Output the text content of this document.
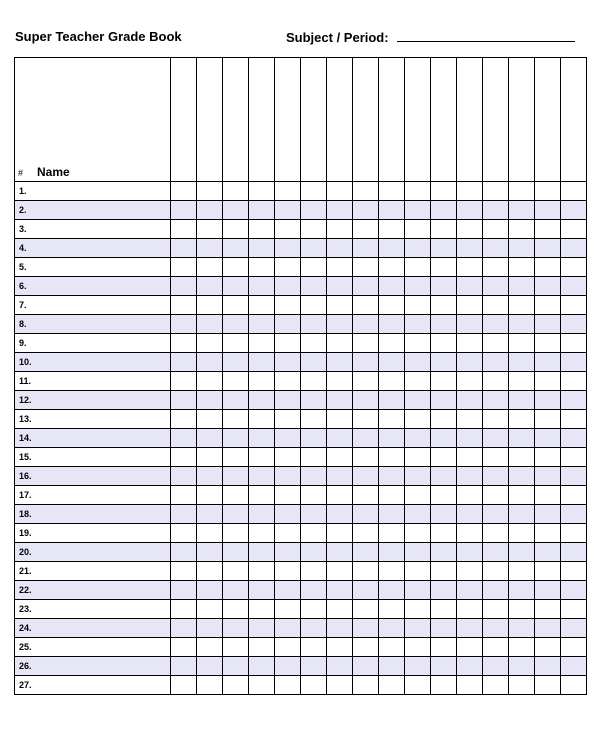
Super Teacher Grade Book	Subject / Period:
# Name																

1.																
2.																
3.																
4.																
5.																
6.																
7.																
8.																
9.																
10.																
11.																
12.																
13.																
14.																
15.																
16.																
17.																
18.																
19.																
20.																
21.																
22.																
23.																
24.																
25.																
26.																
27.																
